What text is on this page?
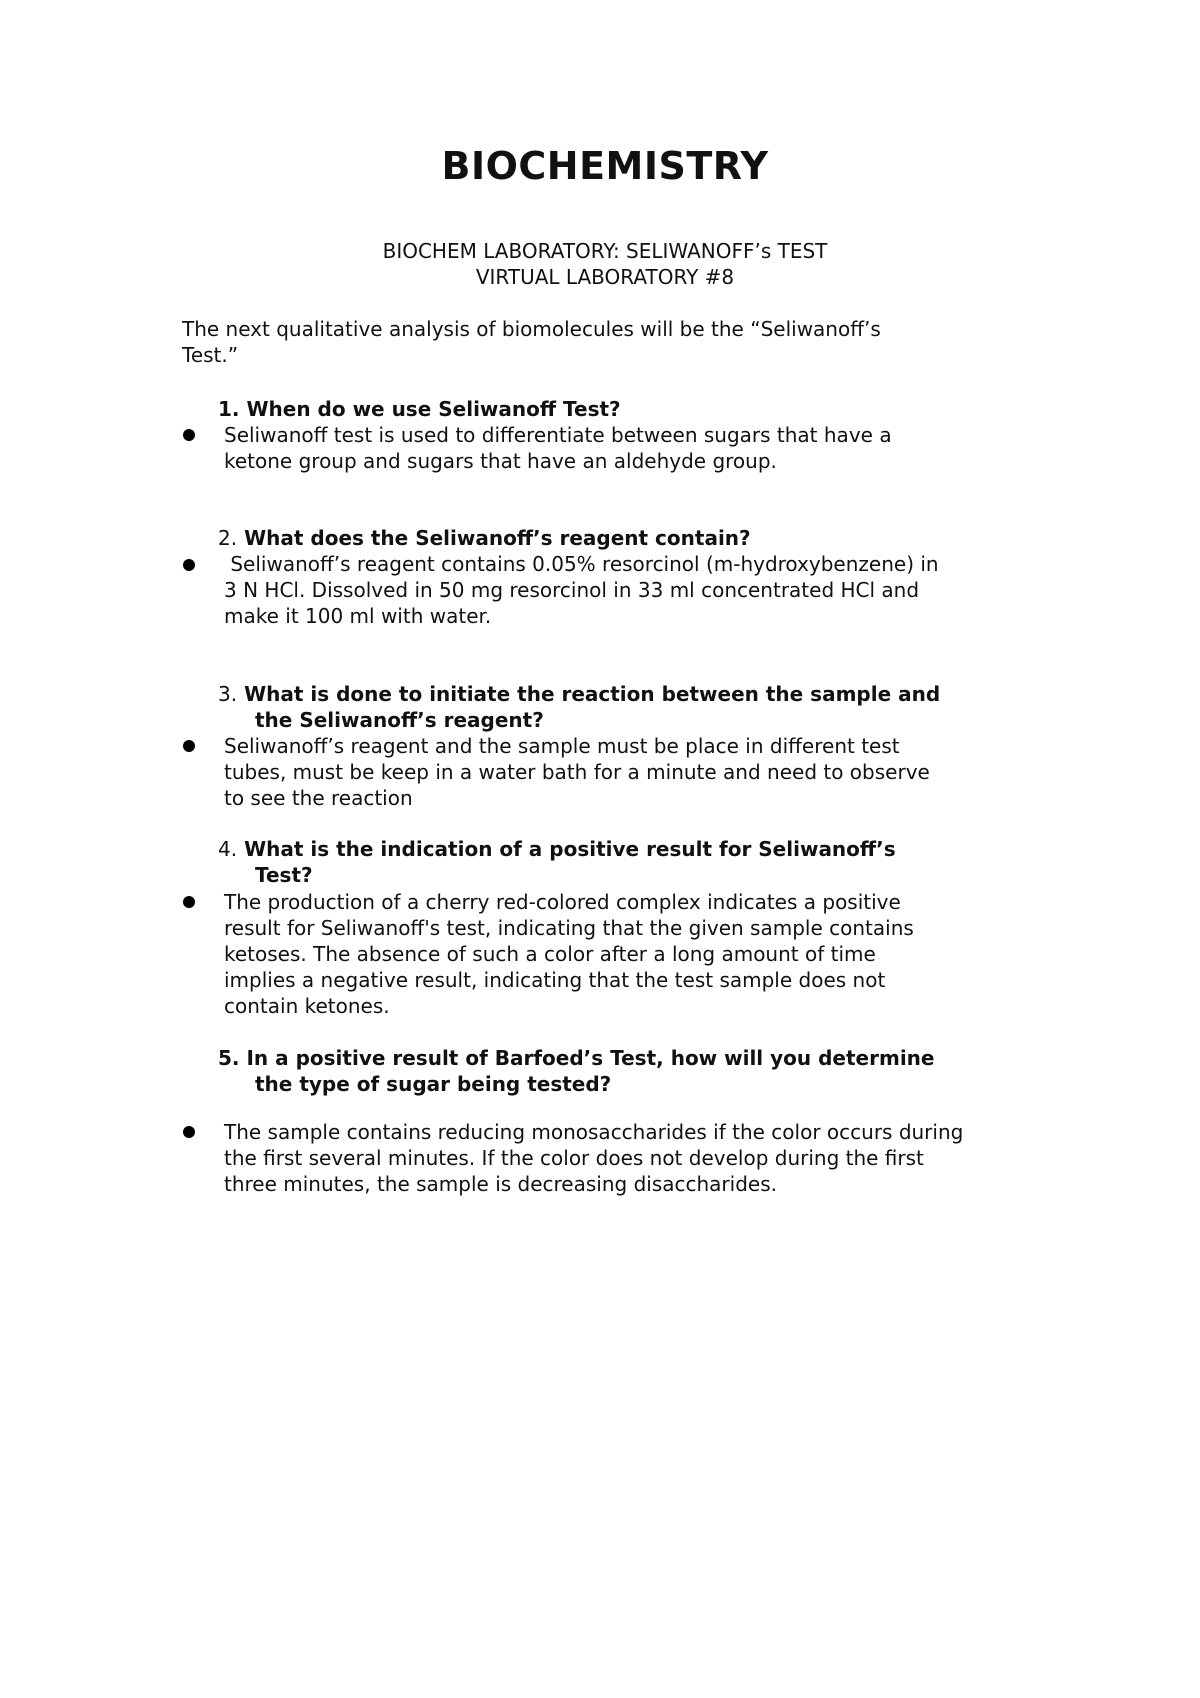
BIOCHEMISTRY
BIOCHEM LABORATORY: SELIWANOFF’s TEST
VIRTUAL LABORATORY #8
The next qualitative analysis of biomolecules will be the “Seliwanoff’s
Test.”
1. When do we use Seliwanoff Test?
Seliwanoff test is used to differentiate between sugars that have a
ketone group and sugars that have an aldehyde group.
2. What does the Seliwanoff’s reagent contain?
Seliwanoff’s reagent contains 0.05% resorcinol (m-hydroxybenzene) in
3 N HCl. Dissolved in 50 mg resorcinol in 33 ml concentrated HCl and
make it 100 ml with water.
3. What is done to initiate the reaction between the sample and
the Seliwanoff’s reagent?
Seliwanoff’s reagent and the sample must be place in different test
tubes, must be keep in a water bath for a minute and need to observe
to see the reaction
4. What is the indication of a positive result for Seliwanoff’s
Test?
The production of a cherry red-colored complex indicates a positive
result for Seliwanoff's test, indicating that the given sample contains
ketoses. The absence of such a color after a long amount of time
implies a negative result, indicating that the test sample does not
contain ketones.
5. In a positive result of Barfoed’s Test, how will you determine
the type of sugar being tested?
The sample contains reducing monosaccharides if the color occurs during
the first several minutes. If the color does not develop during the first
three minutes, the sample is decreasing disaccharides.
